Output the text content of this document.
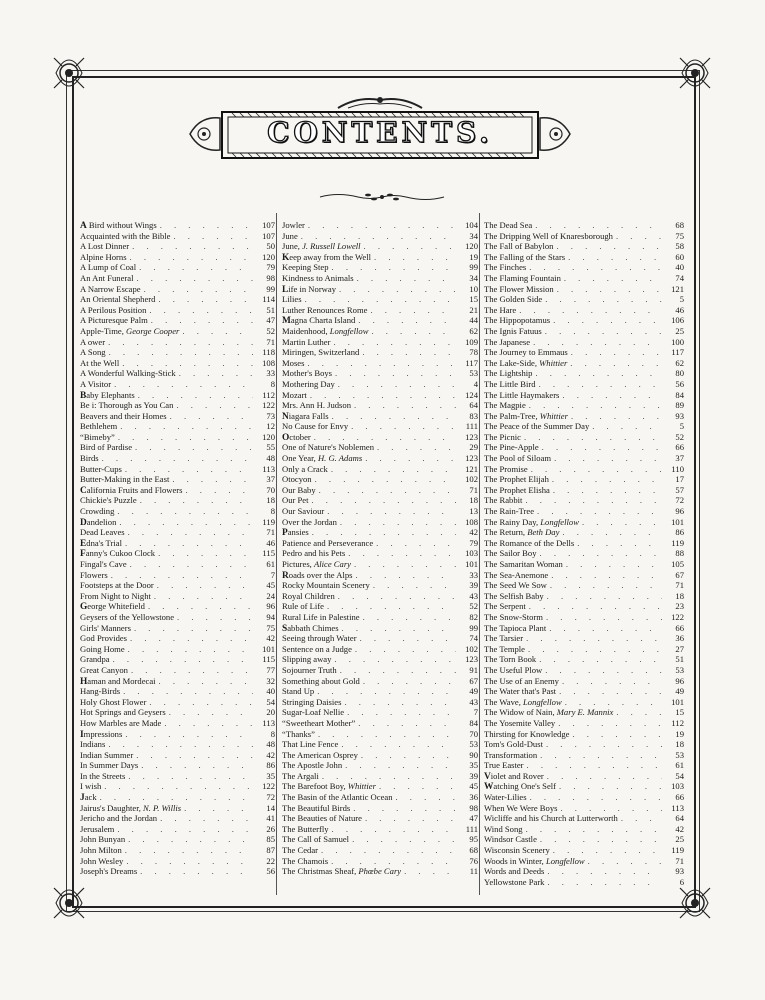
CONTENTS.
A Bird without Wings . . .	107
Acquainted with the Bible . . .	107
A Lost Dinner . . .	50
Alpine Horns . . .	120
A Lump of Coal . . .	79
An Ant Funeral . . .	98
A Narrow Escape . . .	99
An Oriental Shepherd . . .	114
A Perilous Position . . .	51
A Picturesque Palm . . .	47
Apple-Time, George Cooper . . .	52
A ower . . .	71
A Song . . .	118
At the Well . . .	108
A Wonderful Walking-Stick . . .	33
A Visitor . . .	8
Baby Elephants . . .	112
Be i: Thorough as You Can . . .	122
Beavers and their Homes . . .	73
Bethlehem . . .	12
“Bimeby” . . .	120
Bird of Pardise . . .	55
Birds . . .	48
Butter-Cups . . .	113
Butter-Making in the East . . .	37
California Fruits and Flowers . . .	70
Chickie's Puzzle . . .	18
Crowding . . .	8
Dandelion . . .	119
Dead Leaves . . .	71
Edna's Trial . . .	46
Fanny's Cukoo Clock . . .	115
Fingal's Cave . . .	61
Flowers . . .	7
Footsteps at the Door . . .	45
From Night to Night . . .	24
George Whitefield . . .	96
Geysers of the Yellowstone . . .	94
Girls' Manners . . .	75
God Provides . . .	42
Going Home . . .	101
Grandpa . . .	115
Great Canyon . . .	77
Haman and Mordecai . . .	32
Hang-Birds . . .	40
Holy Ghost Flower . . .	54
Hot Springs and Geysers . . .	20
How Marbles are Made . . .	113
Impressions . . .	8
Indians . . .	48
Indian Summer . . .	42
In Summer Days . . .	86
In the Streets . . .	35
I wish . . .	122
Jack . . .	72
Jairus's Daughter, N. P. Willis . . .	14
Jericho and the Jordan . . .	41
Jerusalem . . .	26
John Bunyan . . .	85
John Milton . . .	87
John Wesley . . .	22
Joseph's Dreams . . .	56
Jowler . . .	104
June . . .	34
June, J. Russell Lowell . . .	120
Keep away from the Well . . .	19
Keeping Step . . .	99
Kindness to Animals . . .	34
Life in Norway . . .	10
Lilies . . .	15
Luther Renounces Rome . . .	21
Magna Charta Island . . .	44
Maidenhood, Longfellow . . .	62
Martin Luther . . .	109
Miringen, Switzerland . . .	78
Moses . . .	117
Mother's Boys . . .	53
Mothering Day . . .	4
Mozart . . .	124
Mrs. Ann H. Judson . . .	64
Niagara Falls . . .	83
No Cause for Envy . . .	111
October . . .	123
One of Nature's Noblemen . . .	29
One Year, H. G. Adams . . .	123
Only a Crack . . .	121
Otocyon . . .	102
Our Baby . . .	71
Our Pet . . .	18
Our Saviour . . .	13
Over the Jordan . . .	108
Pansies . . .	42
Patience and Perseverance . . .	79
Pedro and his Pets . . .	103
Pictures, Alice Cary . . .	101
Roads over the Alps . . .	33
Rocky Mountain Scenery . . .	39
Royal Children . . .	43
Rule of Life . . .	52
Rural Life in Palestine . . .	82
Sabbath Chimes . . .	99
Seeing through Water . . .	74
Sentence on a Judge . . .	102
Slipping away . . .	123
Sojourner Truth . . .	91
Something about Gold . . .	67
Stand Up . . .	49
Stringing Daisies . . .	43
Sugar-Loaf Nellie . . .	7
“Sweetheart Mother” . . .	84
“Thanks” . . .	70
That Line Fence . . .	53
The American Osprey . . .	90
The Apostle John . . .	35
The Argali . . .	39
The Barefoot Boy, Whittier . . .	45
The Basin of the Atlantic Ocean . . .	36
The Beautiful Birds . . .	98
The Beauties of Nature . . .	47
The Butterfly . . .	111
The Call of Samuel . . .	95
The Cedar . . .	68
The Chamois . . .	76
The Christmas Sheaf, Phœbe Cary . . .	11
The Dead Sea . . .	68
The Dripping Well of Knaresborough . . .	75
The Fall of Babylon . . .	58
The Falling of the Stars . . .	60
The Finches . . .	40
The Flaming Fountain . . .	74
The Flower Mission . . .	121
The Golden Side . . .	5
The Hare . . .	46
The Hippopotamus . . .	106
The Ignis Fatuus . . .	25
The Japanese . . .	100
The Journey to Emmaus . . .	117
The Lake-Side, Whittier . . .	62
The Lightship . . .	80
The Little Bird . . .	56
The Little Haymakers . . .	84
The Magpie . . .	89
The Palm-Tree, Whittier . . .	93
The Peace of the Summer Day . . .	5
The Picnic . . .	52
The Pine-Apple . . .	66
The Pool of Siloam . . .	37
The Promise . . .	110
The Prophet Elijah . . .	17
The Prophet Elisha . . .	57
The Rabbit . . .	72
The Rain-Tree . . .	96
The Rainy Day, Longfellow . . .	101
The Return, Beth Day . . .	86
The Romance of the Dells . . .	119
The Sailor Boy . . .	88
The Samaritan Woman . . .	105
The Sea-Anemone . . .	67
The Seed We Sow . . .	71
The Selfish Baby . . .	18
The Serpent . . .	23
The Snow-Storm . . .	122
The Tapioca Plant . . .	66
The Tarsier . . .	36
The Temple . . .	27
The Torn Book . . .	51
The Useful Plow . . .	53
The Use of an Enemy . . .	96
The Water that's Past . . .	49
The Wave, Longfellow . . .	101
The Widow of Nain, Mary E. Mannix . . .	15
The Yosemite Valley . . .	112
Thirsting for Knowledge . . .	19
Tom's Gold-Dust . . .	18
Transformation . . .	53
True Easter . . .	61
Violet and Rover . . .	54
Watching One's Self . . .	103
Water-Lilies . . .	66
When We Were Boys . . .	113
Wicliffe and his Church at Lutterworth . . .	64
Wind Song . . .	42
Windsor Castle . . .	25
Wisconsin Scenery . . .	119
Woods in Winter, Longfellow . . .	71
Words and Deeds . . .	93
Yellowstone Park . . .	6
